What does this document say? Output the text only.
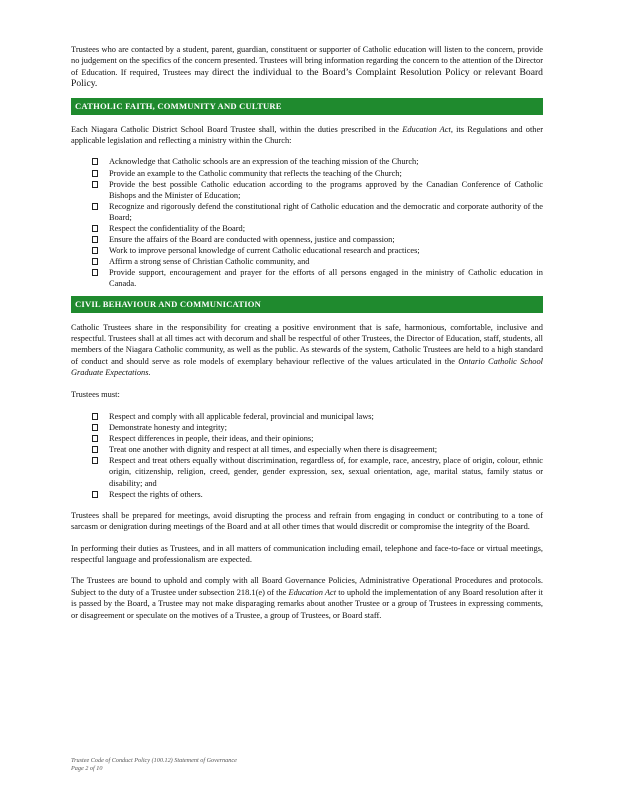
Trustees who are contacted by a student, parent, guardian, constituent or supporter of Catholic education will listen to the concern, provide no judgement on the specifics of the concern presented. Trustees will bring information regarding the concern to the attention of the Director of Education. If required, Trustees may direct the individual to the Board’s Complaint Resolution Policy or relevant Board Policy.

CATHOLIC FAITH, COMMUNITY AND CULTURE

Each Niagara Catholic District School Board Trustee shall, within the duties prescribed in the Education Act, its Regulations and other applicable legislation and reflecting a ministry within the Church:

Acknowledge that Catholic schools are an expression of the teaching mission of the Church;
Provide an example to the Catholic community that reflects the teaching of the Church;
Provide the best possible Catholic education according to the programs approved by the Canadian Conference of Catholic Bishops and the Minister of Education;
Recognize and rigorously defend the constitutional right of Catholic education and the democratic and corporate authority of the Board;
Respect the confidentiality of the Board;
Ensure the affairs of the Board are conducted with openness, justice and compassion;
Work to improve personal knowledge of current Catholic educational research and practices;
Affirm a strong sense of Christian Catholic community, and
Provide support, encouragement and prayer for the efforts of all persons engaged in the ministry of Catholic education in Canada.
CIVIL BEHAVIOUR AND COMMUNICATION

Catholic Trustees share in the responsibility for creating a positive environment that is safe, harmonious, comfortable, inclusive and respectful. Trustees shall at all times act with decorum and shall be respectful of other Trustees, the Director of Education, staff, students, all members of the Niagara Catholic community, as well as the public. As stewards of the system, Catholic Trustees are held to a high standard of conduct and should serve as role models of exemplary behaviour reflective of the values articulated in the Ontario Catholic School Graduate Expectations.

Trustees must:

Respect and comply with all applicable federal, provincial and municipal laws;
Demonstrate honesty and integrity;
Respect differences in people, their ideas, and their opinions;
Treat one another with dignity and respect at all times, and especially when there is disagreement;
Respect and treat others equally without discrimination, regardless of, for example, race, ancestry, place of origin, colour, ethnic origin, citizenship, religion, creed, gender, gender expression, sex, sexual orientation, age, marital status, family status or disability; and
Respect the rights of others.

Trustees shall be prepared for meetings, avoid disrupting the process and refrain from engaging in conduct or contributing to a tone of sarcasm or denigration during meetings of the Board and at all other times that would discredit or compromise the integrity of the Board.

In performing their duties as Trustees, and in all matters of communication including email, telephone and face-to-face or virtual meetings, respectful language and professionalism are expected.

The Trustees are bound to uphold and comply with all Board Governance Policies, Administrative Operational Procedures and protocols. Subject to the duty of a Trustee under subsection 218.1(e) of the Education Act to uphold the implementation of any Board resolution after it is passed by the Board, a Trustee may not make disparaging remarks about another Trustee or a group of Trustees in expressing comments, or disagreement or speculate on the motives of a Trustee, a group of Trustees, or Board staff.

Trustee Code of Conduct Policy (100.12) Statement of Governance
Page 2 of 10
